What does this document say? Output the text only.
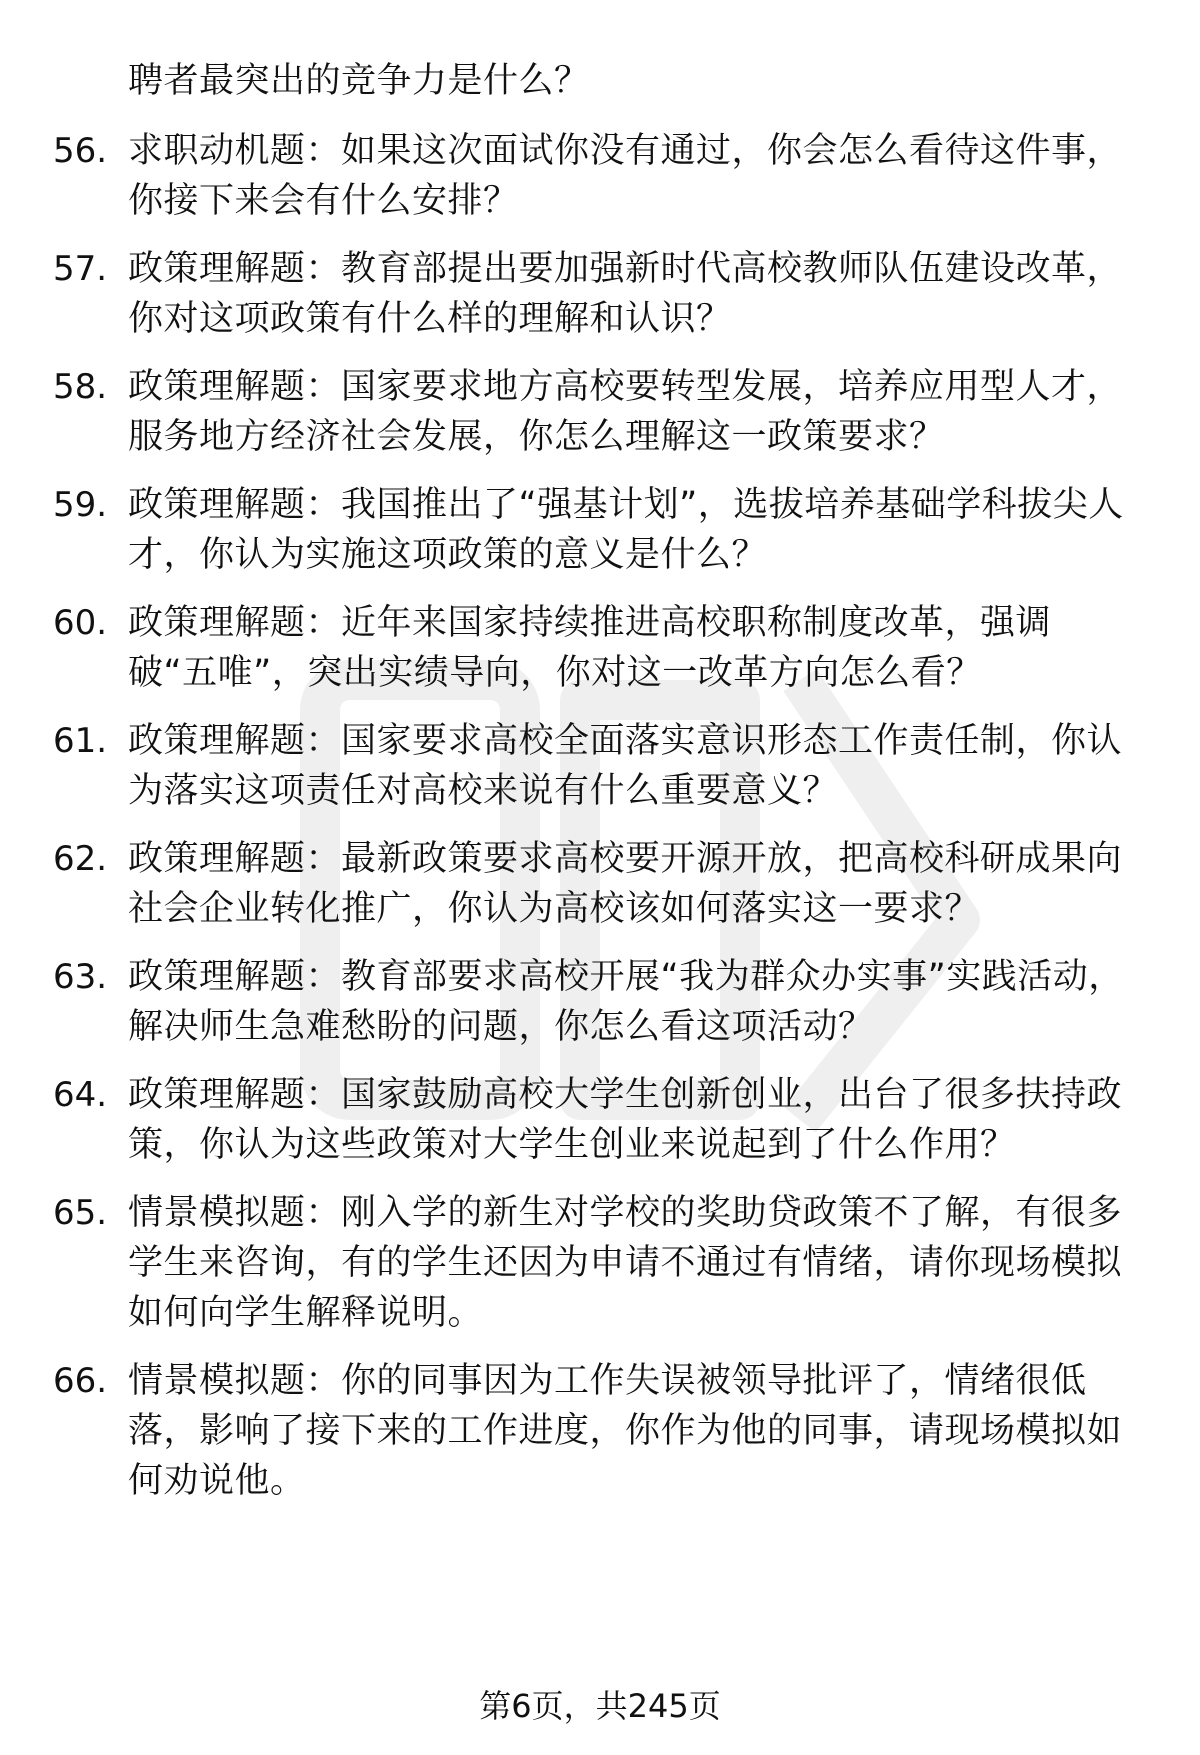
聘者最突出的竞争力是什么？
56. 求职动机题：如果这次面试你没有通过，你会怎么看待这件事，你接下来会有什么安排？
57. 政策理解题：教育部提出要加强新时代高校教师队伍建设改革，你对这项政策有什么样的理解和认识？
58. 政策理解题：国家要求地方高校要转型发展，培养应用型人才，服务地方经济社会发展，你怎么理解这一政策要求？
59. 政策理解题：我国推出了“强基计划”，选拔培养基础学科拔尖人才，你认为实施这项政策的意义是什么？
60. 政策理解题：近年来国家持续推进高校职称制度改革，强调破“五唯”，突出实绩导向，你对这一改革方向怎么看？
61. 政策理解题：国家要求高校全面落实意识形态工作责任制，你认为落实这项责任对高校来说有什么重要意义？
62. 政策理解题：最新政策要求高校要开源开放，把高校科研成果向社会企业转化推广，你认为高校该如何落实这一要求？
63. 政策理解题：教育部要求高校开展“我为群众办实事”实践活动，解决师生急难愁盼的问题，你怎么看这项活动？
64. 政策理解题：国家鼓励高校大学生创新创业，出台了很多扶持政策，你认为这些政策对大学生创业来说起到了什么作用？
65. 情景模拟题：刚入学的新生对学校的奖助贷政策不了解，有很多学生来咨询，有的学生还因为申请不通过有情绪，请你现场模拟如何向学生解释说明。
66. 情景模拟题：你的同事因为工作失误被领导批评了，情绪很低落，影响了接下来的工作进度，你作为他的同事，请现场模拟如何劝说他。
第6页，共245页
